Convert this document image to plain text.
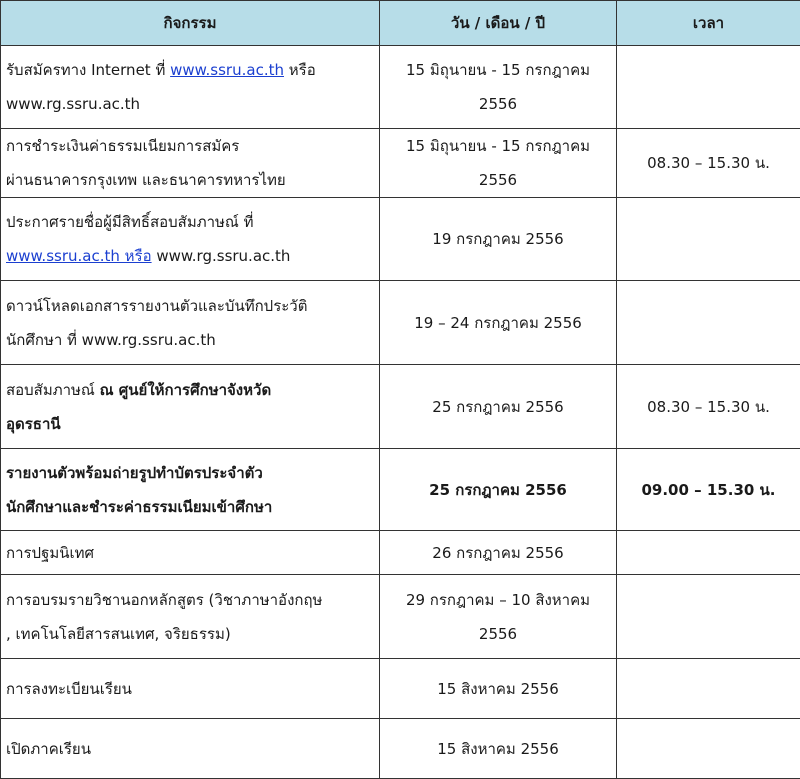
กิจกรรม	วัน / เดือน / ปี	เวลา
รับสมัครทาง Internet ที่ www.ssru.ac.th หรือ
www.rg.ssru.ac.th	15 มิถุนายน - 15 กรกฎาคม
2556	
การชำระเงินค่าธรรมเนียมการสมัคร
ผ่านธนาคารกรุงเทพ และธนาคารทหารไทย	15 มิถุนายน - 15 กรกฎาคม
2556	08.30 – 15.30 น.
ประกาศรายชื่อผู้มีสิทธิ์สอบสัมภาษณ์ ที่
www.ssru.ac.th หรือ www.rg.ssru.ac.th	19 กรกฎาคม 2556	
ดาวน์โหลดเอกสารรายงานตัวและบันทึกประวัติ
นักศึกษา ที่ www.rg.ssru.ac.th	19 – 24 กรกฎาคม 2556	
สอบสัมภาษณ์ ณ ศูนย์ให้การศึกษาจังหวัด
อุดรธานี	25 กรกฎาคม 2556	08.30 – 15.30 น.
รายงานตัวพร้อมถ่ายรูปทำบัตรประจำตัว
นักศึกษาและชำระค่าธรรมเนียมเข้าศึกษา	25 กรกฎาคม 2556	09.00 – 15.30 น.
การปฐมนิเทศ	26 กรกฎาคม 2556	
การอบรมรายวิชานอกหลักสูตร (วิชาภาษาอังกฤษ
, เทคโนโลยีสารสนเทศ, จริยธรรม)	29 กรกฎาคม – 10 สิงหาคม
2556	
การลงทะเบียนเรียน	15 สิงหาคม 2556	
เปิดภาคเรียน	15 สิงหาคม 2556	
